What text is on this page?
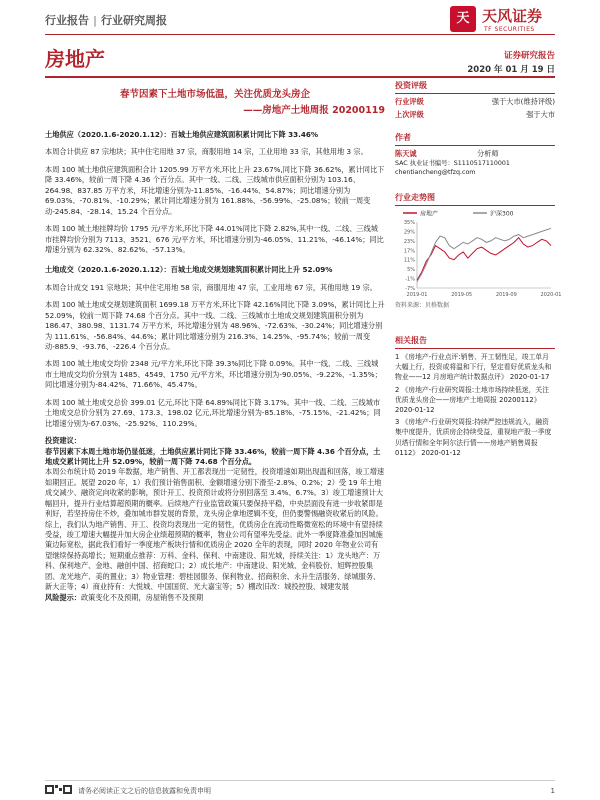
行业报告 | 行业研究周报	天 天风证券
TF SECURITIES
房地产	证券研究报告
2020 年 01 月 19 日
春节因素下土地市场低温，关注优质龙头房企
——房地产土地周报 20200119

土地供应（2020.1.6-2020.1.12）：百城土地供应建筑面积累计同比下降 33.46%

本周合计供应 87 宗地块；其中住宅用地 37 宗，商服用地 14 宗，工业用地 33 宗，其他用地 3 宗。

本周 100 城土地供应建筑面积合计 1205.99 万平方米,环比上升 23.67%,同比下降 36.62%，累计同比下降 33.46%，较前一周下降 4.36 个百分点。其中一线、二线、三线城市供应面积分别为 103.16、264.98、837.85 万平方米，环比增速分别为-11.85%、-16.44%、54.87%；同比增速分别为 69.03%、-70.81%、-10.29%；累计同比增速分别为 161.88%、-56.99%、-25.08%；较前一周变动-245.84、-28.14、15.24 个百分点。

本周 100 城土地挂牌均价 1795 元/平方米,环比下降 44.01%同比下降 2.82%,其中一线、二线、三线城市挂牌均价分别为 7113、3521、676 元/平方米，环比增速分别为-46.05%、11.21%、-46.14%；同比增速分别为 62.32%、82.62%、-57.13%。

土地成交（2020.1.6-2020.1.12）：百城土地成交规划建筑面积累计同比上升 52.09%

本周合计成交 191 宗地块；其中住宅用地 58 宗，商服用地 47 宗，工业用地 67 宗，其他用地 19 宗。

本周 100 城土地成交规划建筑面积 1699.18 万平方米,环比下降 42.16%同比下降 3.09%，累计同比上升 52.09%，较前一周下降 74.68 个百分点。其中一线、二线、三线城市土地成交规划建筑面积分别为 186.47、380.98、1131.74 万平方米，环比增速分别为 48.96%、-72.63%、-30.24%；同比增速分别为 111.61%、-56.84%、44.6%；累计同比增速分别为 216.3%、14.25%、-95.74%；较前一周变动-885.9、-93.76、-226.4 个百分点。

本周 100 城土地成交均价 2348 元/平方米,环比下降 39.3%同比下降 0.09%。其中一线、二线、三线城市土地成交均价分别为 1485、4549、1750 元/平方米，环比增速分别为-90.05%、-9.22%、-1.35%；同比增速分别为-84.42%、71.66%、45.47%。

本周 100 城土地成交总价 399.01 亿元,环比下降 64.89%同比下降 3.17%。其中一线、二线、三线城市土地成交总价分别为 27.69、173.3、198.02 亿元,环比增速分别为-85.18%、-75.15%、-21.42%；同比增速分别为-67.03%、-25.92%、110.29%。

投资建议：
春节因素下本周土地市场仍显低迷，土地供应累计同比下降 33.46%，较前一周下降 4.36 个百分点，土地成交累计同比上升 52.09%，较前一周下降 74.68 个百分点。
本周公布统计局 2019 年数据，地产销售、开工都表现出一定韧性，投资增速如期出现温和回落，竣工增速如期回正。展望 2020 年，1）我们预计销售面积、金额增速分别下滑至-2.8%、0.2%；2）受 19 年土地成交减少、融资定向收紧的影响，预计开工、投资预计或将分别回落至 3.4%、6.7%。3）竣工增速预计大幅回升，提升行业结算超预期的概率。后续地产行业监管政策只要保持平稳，中央层面没有进一步收紧即是利好，若坚持房住不炒，叠加城市群发展的背景，龙头房企拿地逻辑不变，但仍要警惕融资收紧后的风险。综上，我们认为地产销售、开工、投资均表现出一定的韧性，优质房企在流动性略微宽松的环境中有望持续受益，竣工增速大幅提升加大房企业绩超预期的概率，物业公司有望率先受益。此外一季度降准叠加因城施策边际宽松，据此我们看好一季度地产板块行情和优质房企 2020 全年的表现，同时 2020 年物业公司有望继续保持高增长；短期重点推荐：万科、金科、保利、中南建设、阳光城，持续关注：1）龙头地产：万科、保利地产、金地、融创中国、招商蛇口；2）成长地产：中南建设、阳光城、金科股份、旭辉控股集团、龙光地产、美的置业；3）物业管理：碧桂园服务、保利物业、招商积余、永升生活服务、绿城服务、新大正等；4）商业持有：大悦城、中国国贸、光大嘉宝等；5）棚改旧改：城投控股、城建发展

风险提示：政策变化不及预期，房屋销售不及预期

投资评级
行业评级	强于大市(维持评级)
上次评级	强于大市
作者
陈天诚	分析师
SAC 执业证书编号：S1110517110001
chentiancheng@tfzq.com
行业走势图
房地产	沪深300
35%
29%
23%
17%
11%
5%
-1%
-7%
2019-01	2019-05	2019-09	2020-01
资料来源：贝格数据
相关报告
1 《房地产-行业点评:销售、开工韧性足，竣工单月大幅上行，投资或将温和下行，坚定看好优质龙头和物业——12 月房地产统计数据点评》 2020-01-17
2 《房地产-行业研究周报:土地市场持续低迷，关注优质龙头房企——房地产土地周报 20200112》 2020-01-12
3 《房地产-行业研究周报:持续严控违规流入，融资集中度提升，优质房企持续受益，重视地产股一季度贝塔行情和全年阿尔法行情——房地产销售周报 0112》 2020-01-12
请务必阅读正文之后的信息披露和免责申明	1
